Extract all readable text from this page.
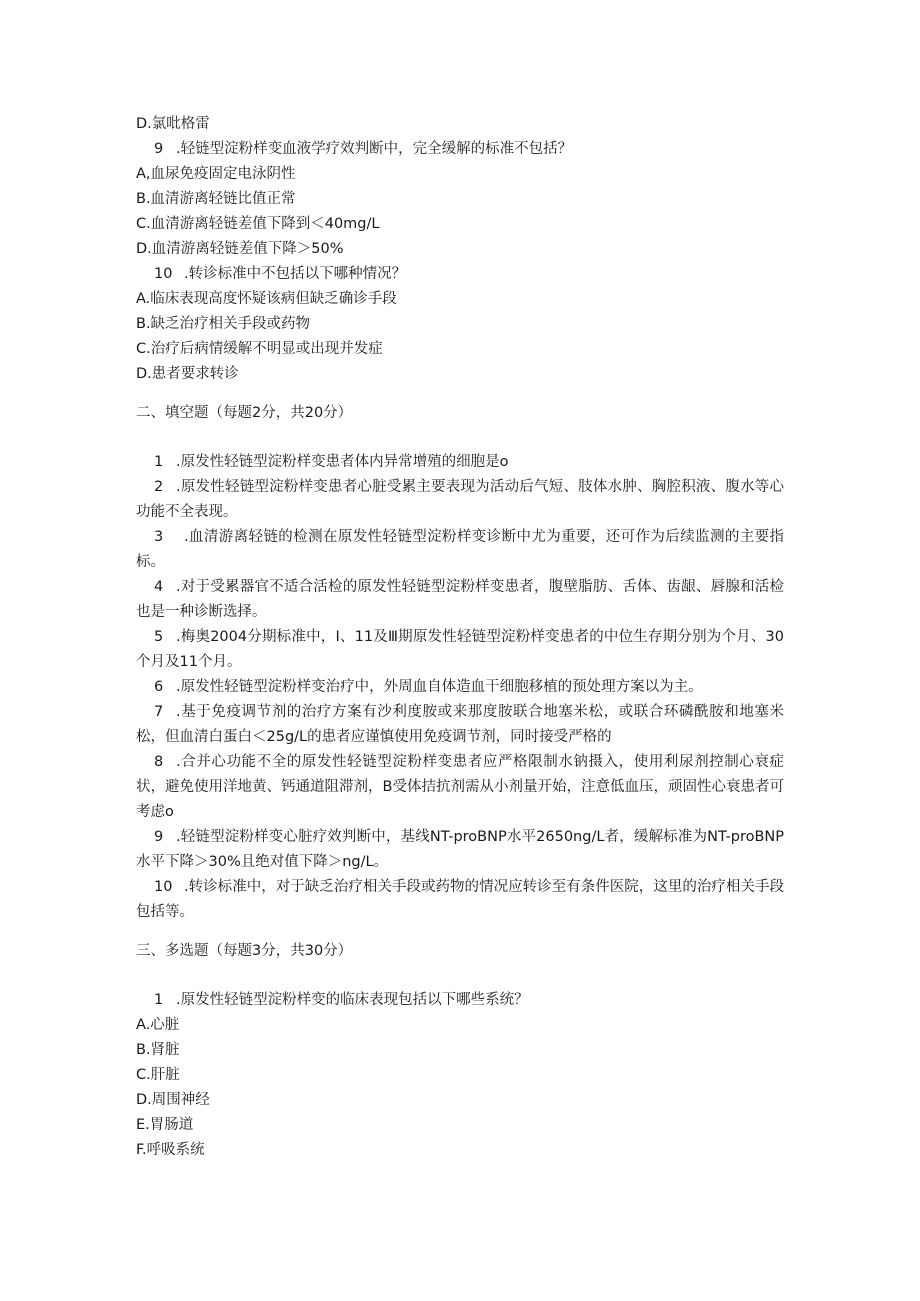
D.氯吡格雷

9 .轻链型淀粉样变血液学疗效判断中，完全缓解的标准不包括？

A,血尿免疫固定电泳阴性

B.血清游离轻链比值正常

C.血清游离轻链差值下降到＜40mg/L

D.血清游离轻链差值下降＞50%

10 .转诊标准中不包括以下哪种情况？

A.临床表现高度怀疑该病但缺乏确诊手段

B.缺乏治疗相关手段或药物

C.治疗后病情缓解不明显或出现并发症

D.患者要求转诊

二、填空题（每题2分，共20分）

1 .原发性轻链型淀粉样变患者体内异常增殖的细胞是o

2 .原发性轻链型淀粉样变患者心脏受累主要表现为活动后气短、肢体水肿、胸腔积液、腹水等心功能不全表现。

3 .血清游离轻链的检测在原发性轻链型淀粉样变诊断中尤为重要，还可作为后续监测的主要指标。

4 .对于受累器官不适合活检的原发性轻链型淀粉样变患者，腹壁脂肪、舌体、齿龈、唇腺和活检也是一种诊断选择。

5 .梅奥2004分期标准中，I、11及Ⅲ期原发性轻链型淀粉样变患者的中位生存期分别为个月、30个月及11个月。

6 .原发性轻链型淀粉样变治疗中，外周血自体造血干细胞移植的预处理方案以为主。

7 .基于免疫调节剂的治疗方案有沙利度胺或来那度胺联合地塞米松，或联合环磷酰胺和地塞米松，但血清白蛋白＜25g/L的患者应谨慎使用免疫调节剂，同时接受严格的

8 .合并心功能不全的原发性轻链型淀粉样变患者应严格限制水钠摄入，使用利尿剂控制心衰症状，避免使用洋地黄、钙通道阻滞剂，B受体拮抗剂需从小剂量开始，注意低血压，顽固性心衰患者可考虑o

9 .轻链型淀粉样变心脏疗效判断中，基线NT-proBNP水平2650ng/L者，缓解标准为NT-proBNP水平下降＞30%且绝对值下降＞ng/L。

10 .转诊标准中，对于缺乏治疗相关手段或药物的情况应转诊至有条件医院，这里的治疗相关手段包括等。

三、多选题（每题3分，共30分）

1 .原发性轻链型淀粉样变的临床表现包括以下哪些系统？

A.心脏

B.肾脏

C.肝脏

D.周围神经

E.胃肠道

F.呼吸系统
